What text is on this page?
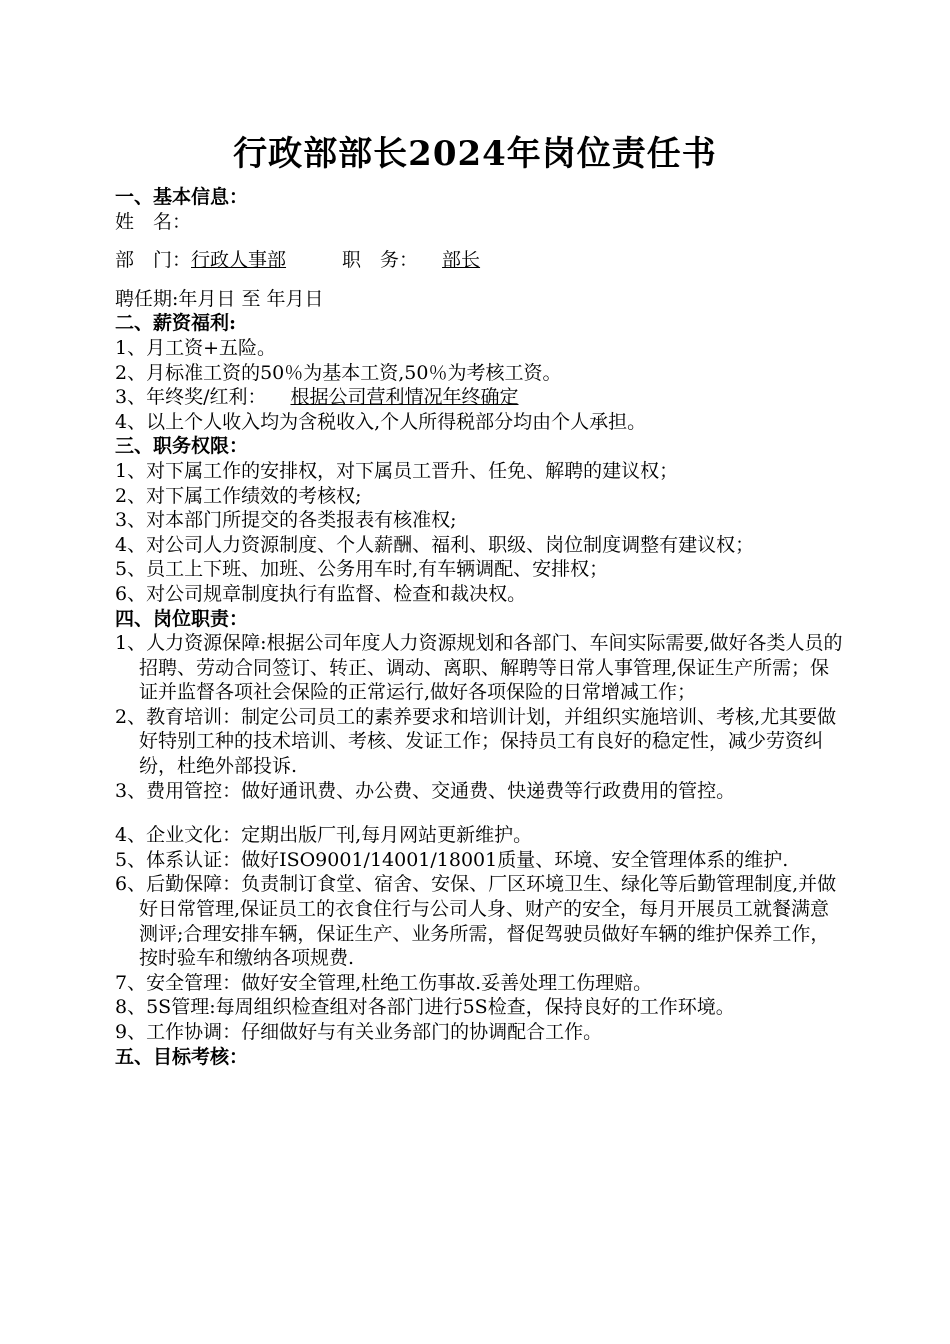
行政部部长2024年岗位责任书
一、基本信息：
姓　名：
部　门：行政人事部	职　务： 部长
聘任期:年月日 至 年月日
二、薪资福利:
1、月工资+五险。
2、月标准工资的50％为基本工资,50％为考核工资。
3、年终奖/红利： 根据公司营利情况年终确定
4、以上个人收入均为含税收入,个人所得税部分均由个人承担。
三、职务权限：
1、对下属工作的安排权，对下属员工晋升、任免、解聘的建议权；
2、对下属工作绩效的考核权;
3、对本部门所提交的各类报表有核准权;
4、对公司人力资源制度、个人薪酬、福利、职级、岗位制度调整有建议权；
5、员工上下班、加班、公务用车时,有车辆调配、安排权；
6、对公司规章制度执行有监督、检查和裁决权。
四、岗位职责：
1、人力资源保障:根据公司年度人力资源规划和各部门、车间实际需要,做好各类人员的招聘、劳动合同签订、转正、调动、离职、解聘等日常人事管理,保证生产所需；保证并监督各项社会保险的正常运行,做好各项保险的日常增减工作；
2、教育培训：制定公司员工的素养要求和培训计划，并组织实施培训、考核,尤其要做好特别工种的技术培训、考核、发证工作；保持员工有良好的稳定性，减少劳资纠纷，杜绝外部投诉.
3、费用管控：做好通讯费、办公费、交通费、快递费等行政费用的管控。
4、企业文化：定期出版厂刊,每月网站更新维护。
5、体系认证：做好ISO9001/14001/18001质量、环境、安全管理体系的维护.
6、后勤保障：负责制订食堂、宿舍、安保、厂区环境卫生、绿化等后勤管理制度,并做好日常管理,保证员工的衣食住行与公司人身、财产的安全，每月开展员工就餐满意测评;合理安排车辆，保证生产、业务所需，督促驾驶员做好车辆的维护保养工作，按时验车和缴纳各项规费.
7、安全管理：做好安全管理,杜绝工伤事故.妥善处理工伤理赔。
8、5S管理:每周组织检查组对各部门进行5S检查，保持良好的工作环境。
9、工作协调：仔细做好与有关业务部门的协调配合工作。
五、目标考核：
